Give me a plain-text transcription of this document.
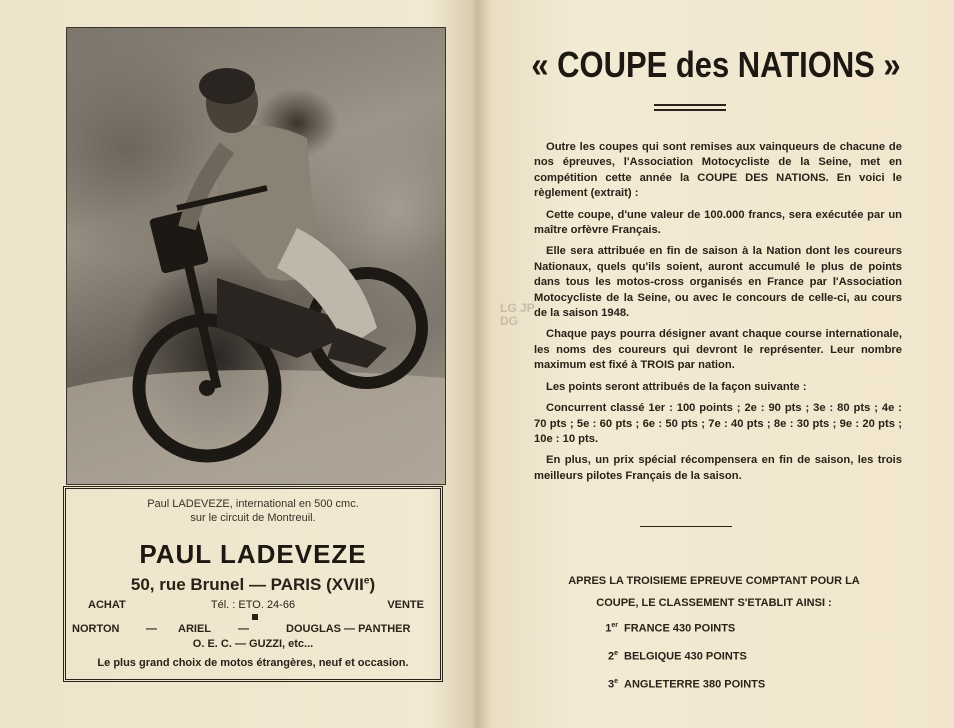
Paul LADEVEZE, international en 500 cmc.
sur le circuit de Montreuil.
PAUL LADEVEZE
50, rue Brunel — PARIS (XVIIe)
Tél. : ETO. 24-66
ACHAT	VENTE
NORTON — ARIEL —	DOUGLAS — PANTHER
O. E. C. — GUZZI, etc...
Le plus grand choix de motos étrangères, neuf et occasion.
« COUPE des NATIONS »
LG JP DG

Outre les coupes qui sont remises aux vainqueurs de chacune de nos épreuves, l'Association Motocycliste de la Seine, met en compétition cette année la COUPE DES NATIONS. En voici le règlement (extrait) :

Cette coupe, d'une valeur de 100.000 francs, sera exécutée par un maître orfèvre Français.

Elle sera attribuée en fin de saison à la Nation dont les coureurs Nationaux, quels qu'ils soient, auront accumulé le plus de points dans tous les motos-cross organisés en France par l'Association Motocycliste de la Seine, ou avec le concours de celle-ci, au cours de la saison 1948.

Chaque pays pourra désigner avant chaque course internationale, les noms des coureurs qui devront le représenter. Leur nombre maximum est fixé à TROIS par nation.

Les points seront attribués de la façon suivante :

Concurrent classé 1er : 100 points ; 2e : 90 pts ; 3e : 80 pts ; 4e : 70 pts ; 5e : 60 pts ; 6e : 50 pts ; 7e : 40 pts ; 8e : 30 pts ; 9e : 20 pts ; 10e : 10 pts.

En plus, un prix spécial récompensera en fin de saison, les trois meilleurs pilotes Français de la saison.

APRES LA TROISIEME EPREUVE COMPTANT POUR LA
COUPE, LE CLASSEMENT S'ETABLIT AINSI :
1er FRANCE 430 POINTS
2e BELGIQUE 430 POINTS
3e ANGLETERRE 380 POINTS
